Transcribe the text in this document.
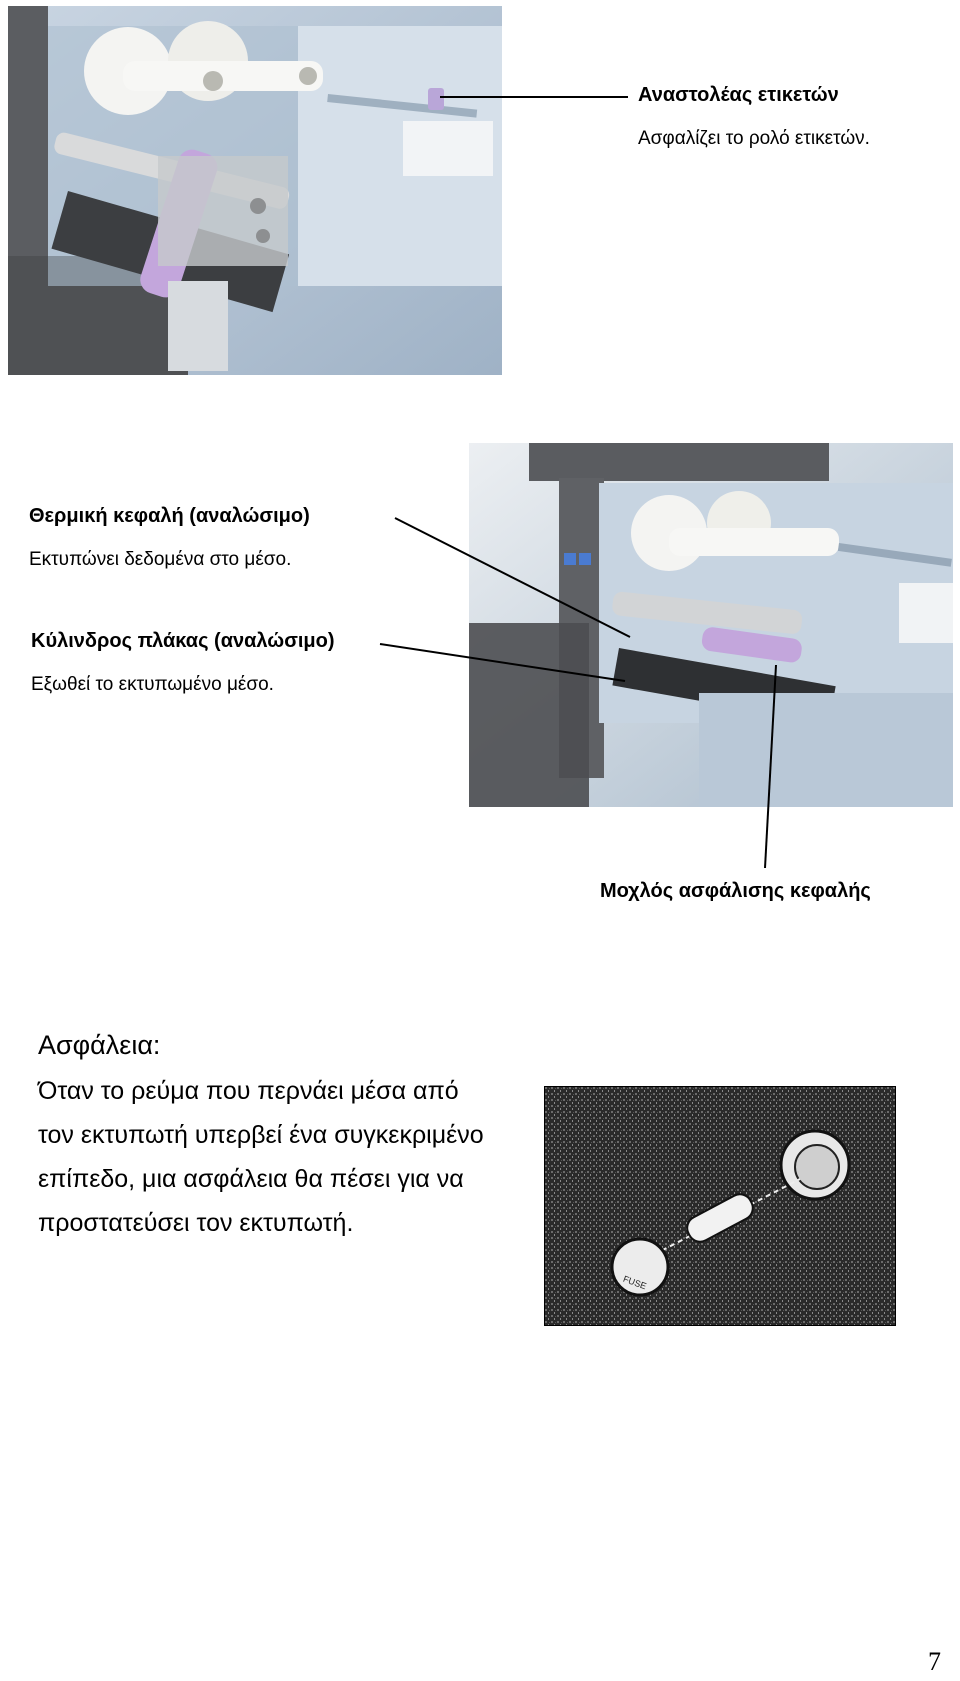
Αναστολέας ετικετών
Ασφαλίζει το ρολό ετικετών.
Θερμική κεφαλή (αναλώσιμο)
Εκτυπώνει δεδομένα στο μέσο.
Κύλινδρος πλάκας (αναλώσιμο)
Εξωθεί το εκτυπωμένο μέσο.
Μοχλός ασφάλισης κεφαλής
Ασφάλεια:
Όταν το ρεύμα που περνάει μέσα από
τον εκτυπωτή υπερβεί ένα συγκεκριμένο
επίπεδο, μια ασφάλεια θα πέσει για να
προστατεύσει τον εκτυπωτή.
FUSE
7
